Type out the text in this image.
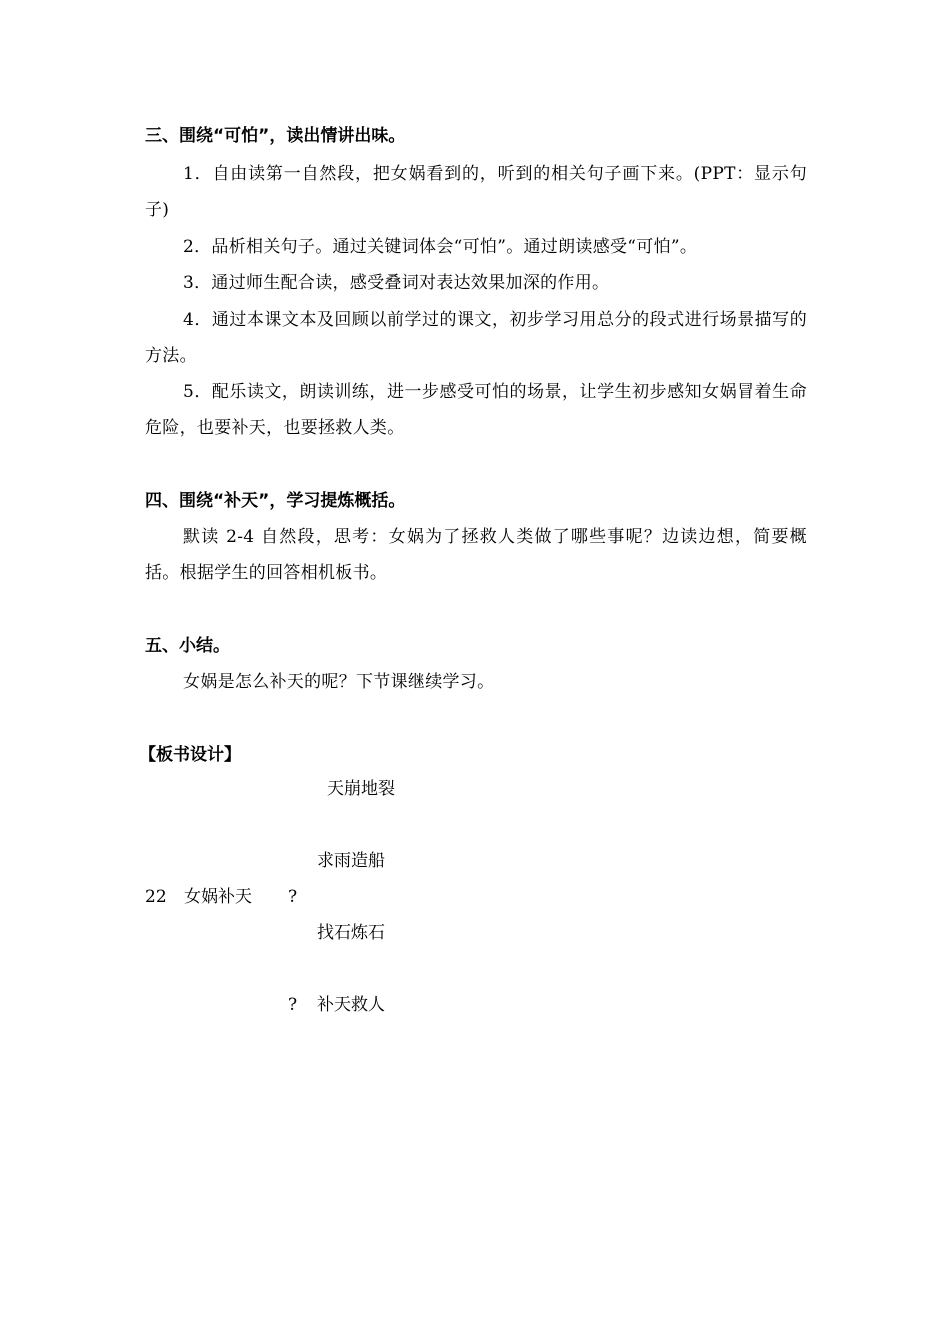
三、围绕“可怕”，读出情讲出味。
1．自由读第一自然段，把女娲看到的，听到的相关句子画下来。(PPT：显示句子)
2．品析相关句子。通过关键词体会“可怕”。通过朗读感受“可怕”。
3．通过师生配合读，感受叠词对表达效果加深的作用。
4．通过本课文本及回顾以前学过的课文，初步学习用总分的段式进行场景描写的方法。
5．配乐读文，朗读训练，进一步感受可怕的场景，让学生初步感知女娲冒着生命危险，也要补天，也要拯救人类。
四、围绕“补天”，学习提炼概括。
默读 2-4 自然段，思考：女娲为了拯救人类做了哪些事呢？边读边想，简要概括。根据学生的回答相机板书。
五、小结。
女娲是怎么补天的呢？下节课继续学习。
【板书设计】
天崩地裂
求雨造船
22 女娲补天 ?
找石炼石
? 补天救人
